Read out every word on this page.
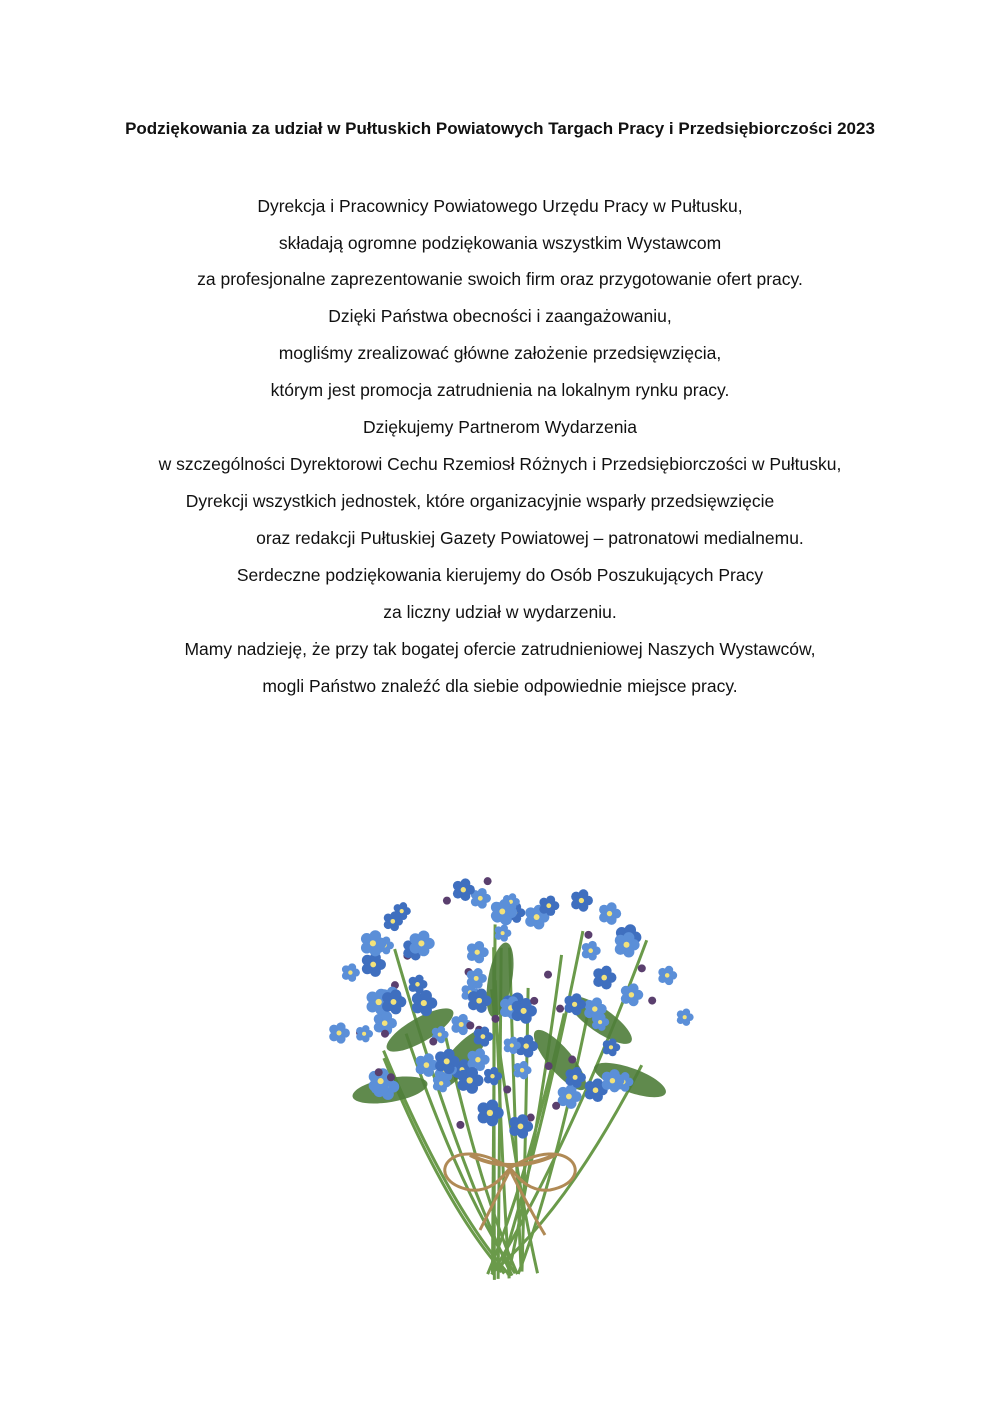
Podziękowania za udział w Pułtuskich Powiatowych Targach Pracy i Przedsiębiorczości 2023

Dyrekcja i Pracownicy Powiatowego Urzędu Pracy w Pułtusku,

składają ogromne podziękowania wszystkim Wystawcom

za profesjonalne zaprezentowanie swoich firm oraz przygotowanie ofert pracy.

Dzięki Państwa obecności i zaangażowaniu,

mogliśmy zrealizować główne założenie przedsięwzięcia,

którym jest promocja zatrudnienia na lokalnym rynku pracy.

Dziękujemy Partnerom Wydarzenia

w szczególności Dyrektorowi Cechu Rzemiosł Różnych i Przedsiębiorczości w Pułtusku,

Dyrekcji wszystkich jednostek, które organizacyjnie wsparły przedsięwzięcie

oraz redakcji Pułtuskiej Gazety Powiatowej – patronatowi medialnemu.

Serdeczne podziękowania kierujemy do Osób Poszukujących Pracy

za liczny udział w wydarzeniu.

Mamy nadzieję, że przy tak bogatej ofercie zatrudnieniowej Naszych Wystawców,

mogli Państwo znaleźć dla siebie odpowiednie miejsce pracy.
